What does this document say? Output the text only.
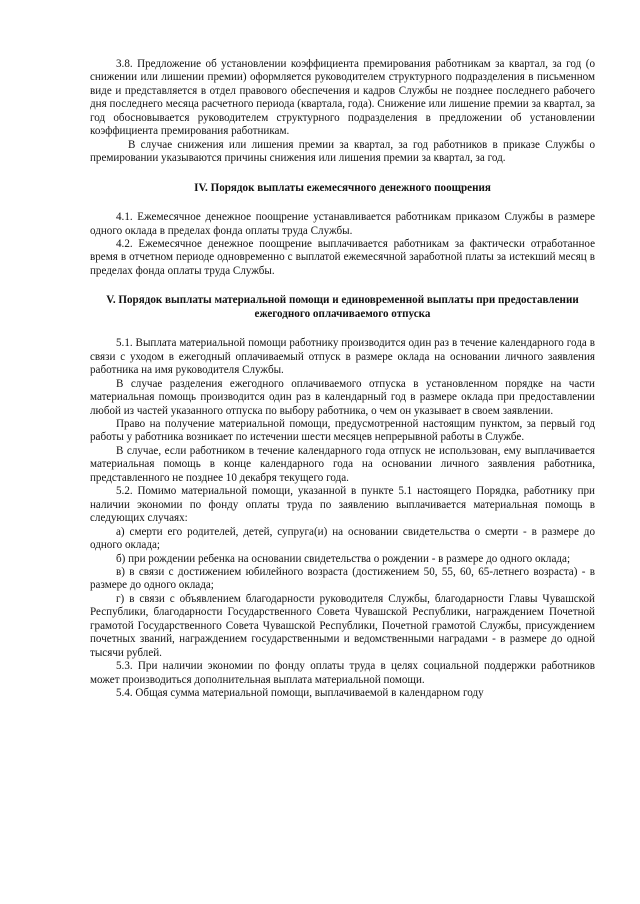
3.8. Предложение об установлении коэффициента премирования работникам за квартал, за год (о снижении или лишении премии) оформляется руководителем структурного подразделения в письменном виде и представляется в отдел правового обеспечения и кадров Службы не позднее последнего рабочего дня последнего месяца расчетного периода (квартала, года). Снижение или лишение премии за квартал, за год обосновывается руководителем структурного подразделения в предложении об установлении коэффициента премирования работникам.

В случае снижения или лишения премии за квартал, за год работников в приказе Службы о премировании указываются причины снижения или лишения премии за квартал, за год.

IV. Порядок выплаты ежемесячного денежного поощрения

4.1. Ежемесячное денежное поощрение устанавливается работникам приказом Службы в размере одного оклада в пределах фонда оплаты труда Службы.

4.2. Ежемесячное денежное поощрение выплачивается работникам за фактически отработанное время в отчетном периоде одновременно с выплатой ежемесячной заработной платы за истекший месяц в пределах фонда оплаты труда Службы.

V. Порядок выплаты материальной помощи и единовременной выплаты при предоставлении ежегодного оплачиваемого отпуска

5.1. Выплата материальной помощи работнику производится один раз в течение календарного года в связи с уходом в ежегодный оплачиваемый отпуск в размере оклада на основании личного заявления работника на имя руководителя Службы.

В случае разделения ежегодного оплачиваемого отпуска в установленном порядке на части материальная помощь производится один раз в календарный год в размере оклада при предоставлении любой из частей указанного отпуска по выбору работника, о чем он указывает в своем заявлении.

Право на получение материальной помощи, предусмотренной настоящим пунктом, за первый год работы у работника возникает по истечении шести месяцев непрерывной работы в Службе.

В случае, если работником в течение календарного года отпуск не использован, ему выплачивается материальная помощь в конце календарного года на основании личного заявления работника, представленного не позднее 10 декабря текущего года.

5.2. Помимо материальной помощи, указанной в пункте 5.1 настоящего Порядка, работнику при наличии экономии по фонду оплаты труда по заявлению выплачивается материальная помощь в следующих случаях:

а) смерти его родителей, детей, супруга(и) на основании свидетельства о смерти - в размере до одного оклада;

б) при рождении ребенка на основании свидетельства о рождении - в размере до одного оклада;

в) в связи с достижением юбилейного возраста (достижением 50, 55, 60, 65-летнего возраста) - в размере до одного оклада;

г) в связи с объявлением благодарности руководителя Службы, благодарности Главы Чувашской Республики, благодарности Государственного Совета Чувашской Республики, награждением Почетной грамотой Государственного Совета Чувашской Республики, Почетной грамотой Службы, присуждением почетных званий, награждением государственными и ведомственными наградами - в размере до одной тысячи рублей.

5.3. При наличии экономии по фонду оплаты труда в целях социальной поддержки работников может производиться дополнительная выплата материальной помощи.

5.4. Общая сумма материальной помощи, выплачиваемой в календарном году
